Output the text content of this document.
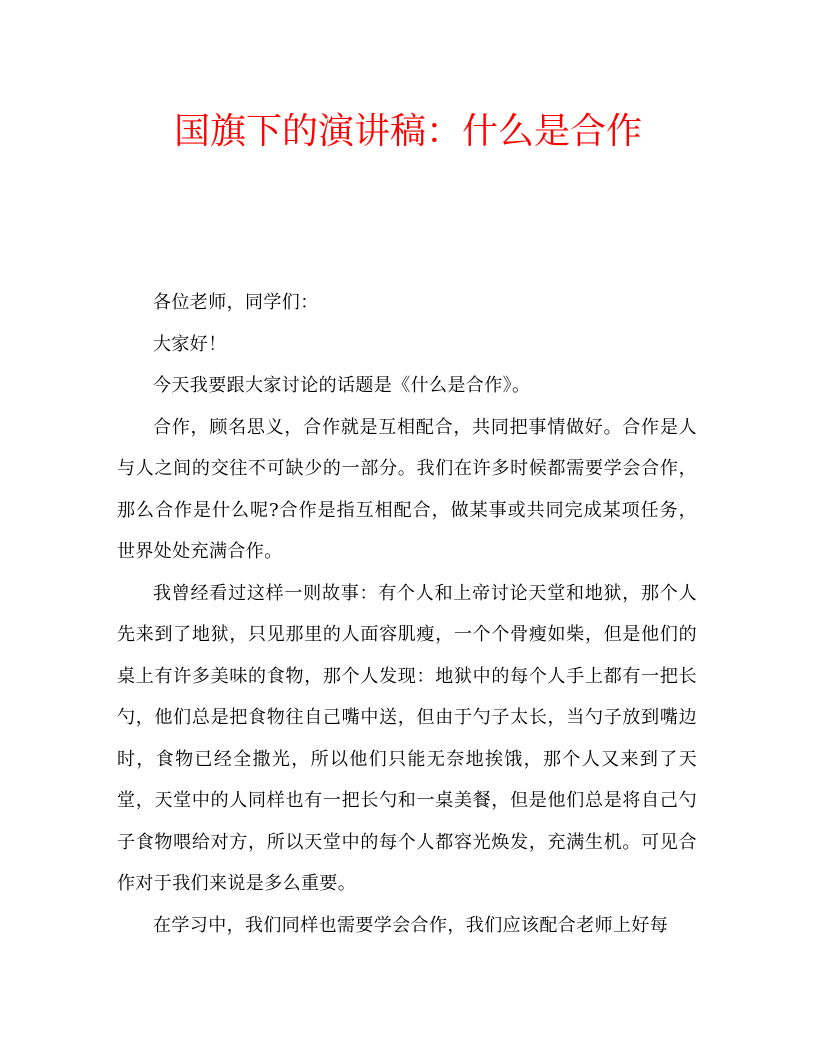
国旗下的演讲稿：什么是合作

各位老师，同学们：

大家好！

今天我要跟大家讨论的话题是《什么是合作》。

合作，顾名思义，合作就是互相配合，共同把事情做好。合作是人与人之间的交往不可缺少的一部分。我们在许多时候都需要学会合作，那么合作是什么呢?合作是指互相配合，做某事或共同完成某项任务，世界处处充满合作。

我曾经看过这样一则故事：有个人和上帝讨论天堂和地狱，那个人先来到了地狱，只见那里的人面容肌瘦，一个个骨瘦如柴，但是他们的桌上有许多美味的食物，那个人发现：地狱中的每个人手上都有一把长勺，他们总是把食物往自己嘴中送，但由于勺子太长，当勺子放到嘴边时，食物已经全撒光，所以他们只能无奈地挨饿，那个人又来到了天堂，天堂中的人同样也有一把长勺和一桌美餐，但是他们总是将自己勺子食物喂给对方，所以天堂中的每个人都容光焕发，充满生机。可见合作对于我们来说是多么重要。

在学习中，我们同样也需要学会合作，我们应该配合老师上好每
